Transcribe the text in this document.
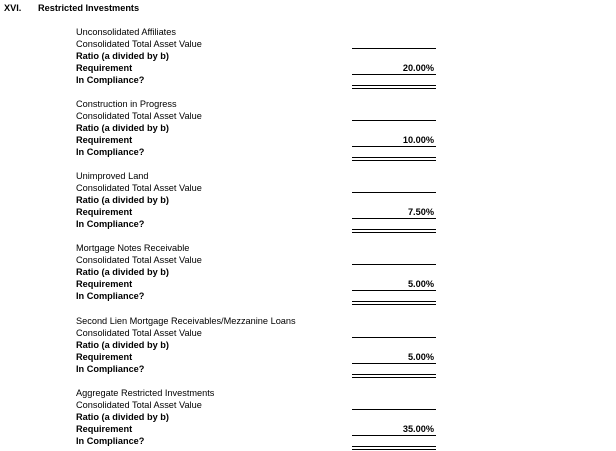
XVI. Restricted Investments
Unconsolidated Affiliates
Consolidated Total Asset Value
Ratio (a divided by b)
Requirement
In Compliance?
20.00%
Construction in Progress
Consolidated Total Asset Value
Ratio (a divided by b)
Requirement
In Compliance?
10.00%
Unimproved Land
Consolidated Total Asset Value
Ratio (a divided by b)
Requirement
In Compliance?
7.50%
Mortgage Notes Receivable
Consolidated Total Asset Value
Ratio (a divided by b)
Requirement
In Compliance?
5.00%
Second Lien Mortgage Receivables/Mezzanine Loans
Consolidated Total Asset Value
Ratio (a divided by b)
Requirement
In Compliance?
5.00%
Aggregate Restricted Investments
Consolidated Total Asset Value
Ratio (a divided by b)
Requirement
In Compliance?
35.00%
